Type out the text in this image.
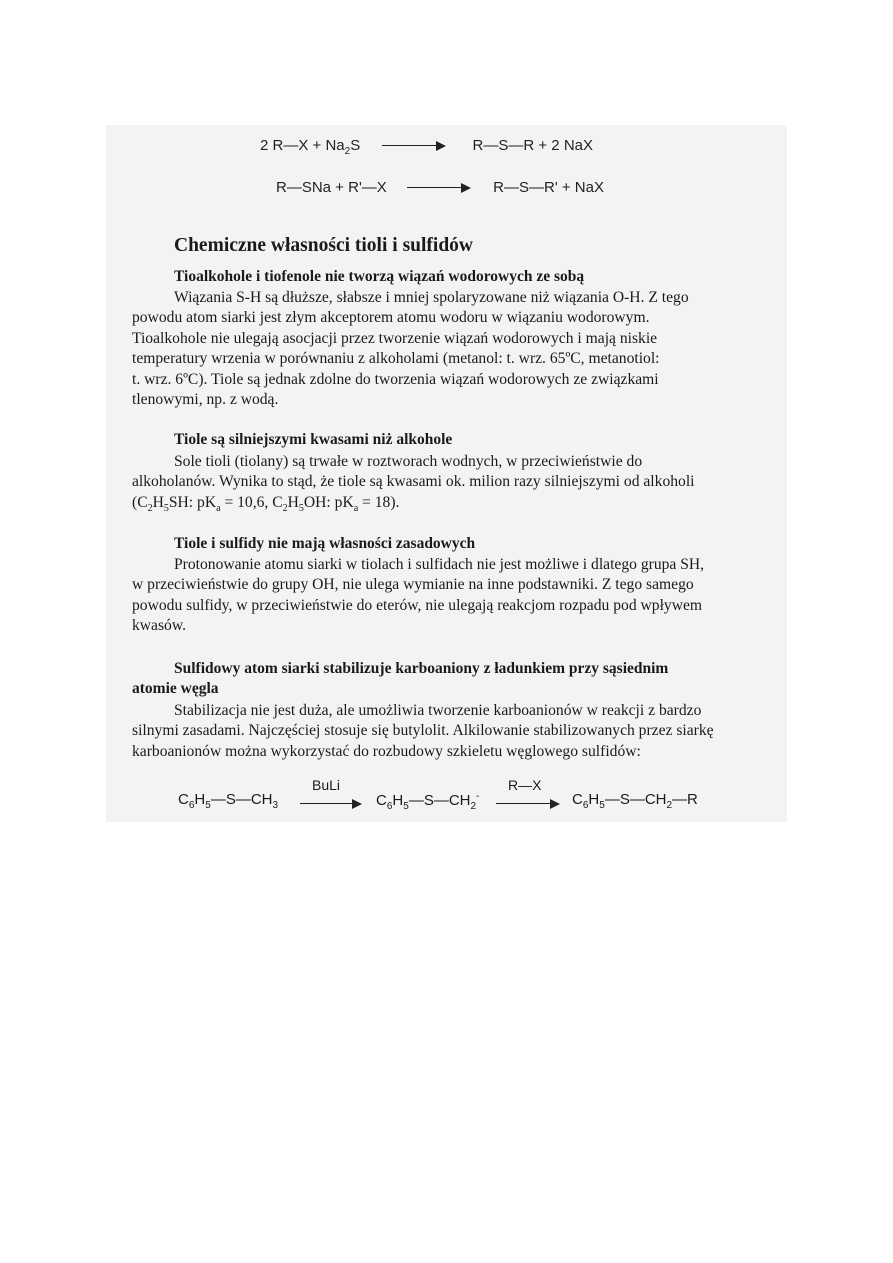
2 R—X + $Na_2S$	R—S—R + 2 NaX
R—SNa + R'—X	R—S—R' + NaX
Chemiczne własności tioli i sulfidów
Tioalkohole i tiofenole nie tworzą wiązań wodorowych ze sobą
Wiązania S-H są dłuższe, słabsze i mniej spolaryzowane niż wiązania O-H. Z tego
powodu atom siarki jest złym akceptorem atomu wodoru w wiązaniu wodorowym.
Tioalkohole nie ulegają asocjacji przez tworzenie wiązań wodorowych i mają niskie
temperatury wrzenia w porównaniu z alkoholami (metanol: t. wrz. 65ºC, metanotiol:
t. wrz. 6ºC). Tiole są jednak zdolne do tworzenia wiązań wodorowych ze związkami
tlenowymi, np. z wodą.
Tiole są silniejszymi kwasami niż alkohole
Sole tioli (tiolany) są trwałe w roztworach wodnych, w przeciwieństwie do
alkoholanów. Wynika to stąd, że tiole są kwasami ok. milion razy silniejszymi od alkoholi
($C_2H_5SH$: $pK_a = 10,6$, $C_2H_5OH$: $pK_a = 18$).
Tiole i sulfidy nie mają własności zasadowych
Protonowanie atomu siarki w tiolach i sulfidach nie jest możliwe i dlatego grupa SH,
w przeciwieństwie do grupy OH, nie ulega wymianie na inne podstawniki. Z tego samego
powodu sulfidy, w przeciwieństwie do eterów, nie ulegają reakcjom rozpadu pod wpływem
kwasów.
Sulfidowy atom siarki stabilizuje karboaniony z ładunkiem przy sąsiednim
atomie węgla
Stabilizacja nie jest duża, ale umożliwia tworzenie karboanionów w reakcji z bardzo
silnymi zasadami. Najczęściej stosuje się butylolit. Alkilowanie stabilizowanych przez siarkę
karboanionów można wykorzystać do rozbudowy szkieletu węglowego sulfidów:
$C_6H_5—S—CH_3$
BuLi
$C_6H_5—S—CH_2^-$
R—X
$C_6H_5—S—CH_2—R$
